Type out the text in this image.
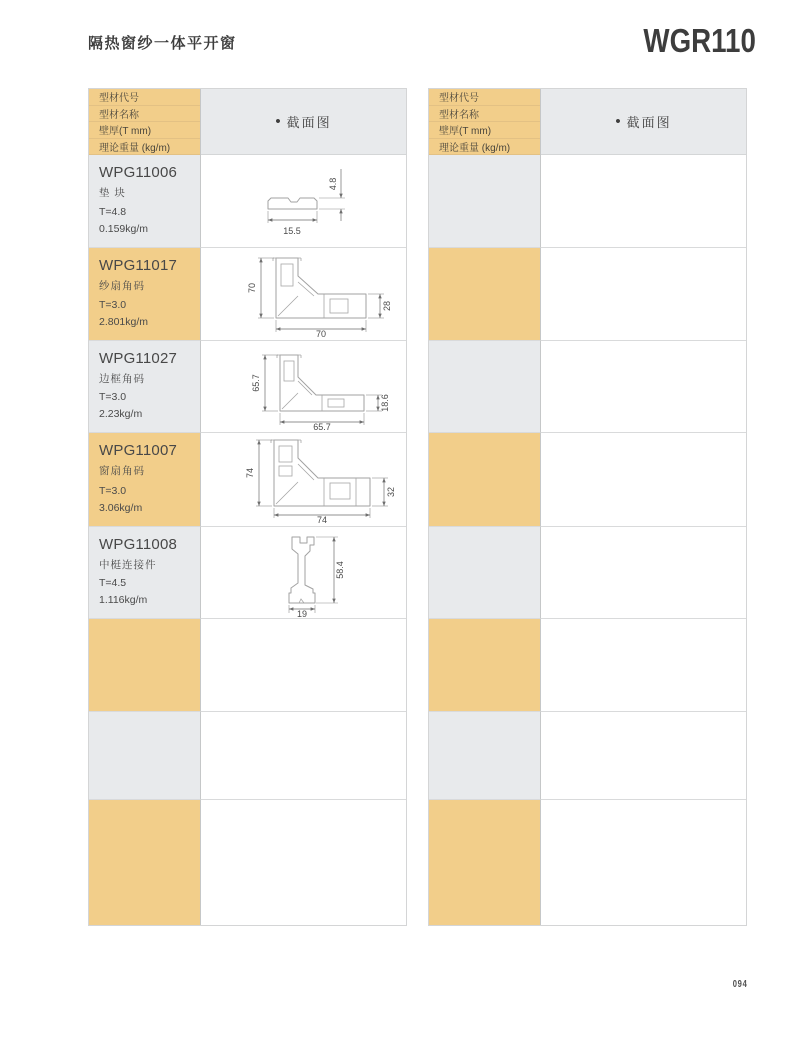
隔热窗纱一体平开窗	WGR110
型材代号
型材名称
壁厚(T mm)
理论重量 (kg/m)
• 截面图
WPG11006
垫 块
T=4.8
0.159kg/m	15.5
4.8
WPG11017
纱扇角码
T=3.0
2.801kg/m
70
70
28
WPG11027
边框角码
T=3.0
2.23kg/m
65.7
65.7
18.6
WPG11007
窗扇角码
T=3.0
3.06kg/m
74
74
32
WPG11008
中梃连接件
T=4.5
1.116kg/m
58.4
19
型材代号
型材名称
壁厚(T mm)
理论重量 (kg/m)
• 截面图
094
